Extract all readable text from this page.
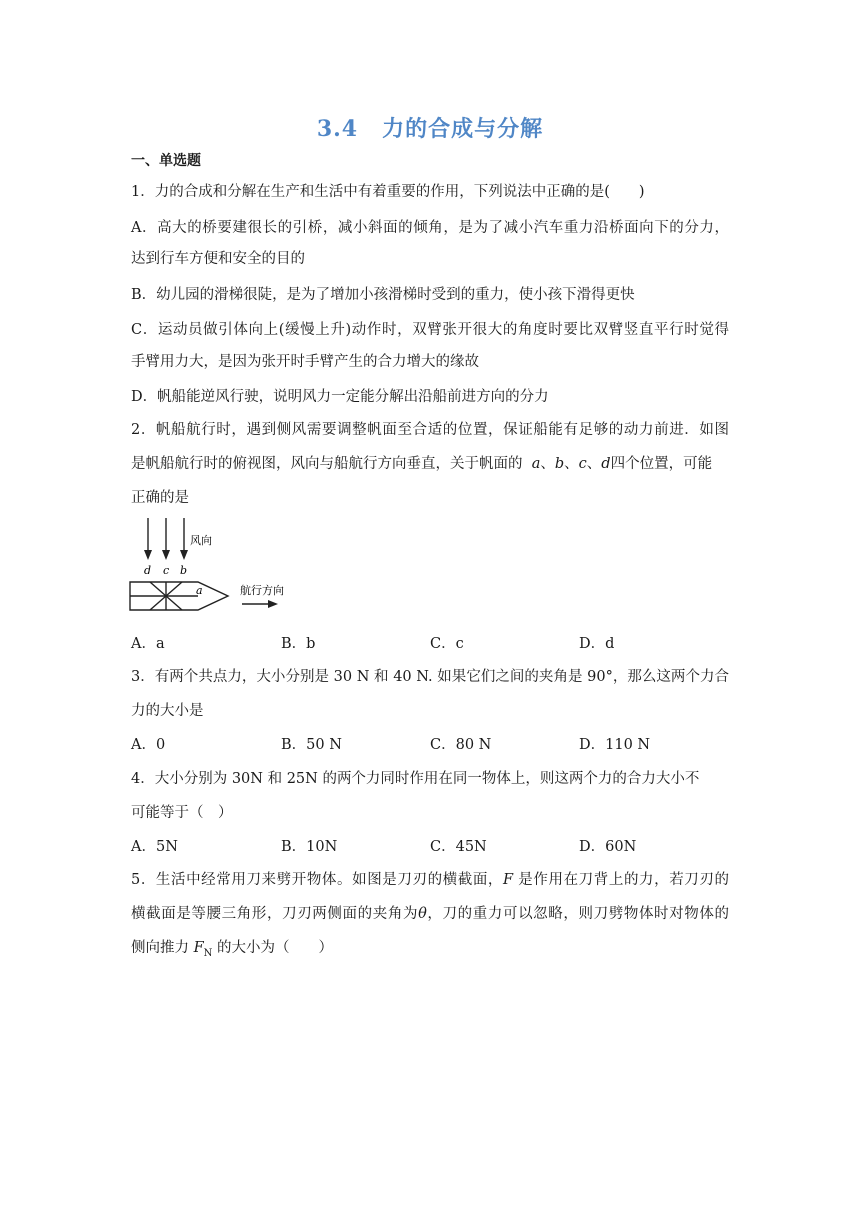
3.4 力的合成与分解
一、单选题
1．力的合成和分解在生产和生活中有着重要的作用，下列说法中正确的是(　　)
A．高大的桥要建很长的引桥，减小斜面的倾角，是为了减小汽车重力沿桥面向下的分力，
达到行车方便和安全的目的
B．幼儿园的滑梯很陡，是为了增加小孩滑梯时受到的重力，使小孩下滑得更快
C．运动员做引体向上(缓慢上升)动作时，双臂张开很大的角度时要比双臂竖直平行时觉得
手臂用力大，是因为张开时手臂产生的合力增大的缘故
D．帆船能逆风行驶，说明风力一定能分解出沿船前进方向的分力
2．帆船航行时，遇到侧风需要调整帆面至合适的位置，保证船能有足够的动力前进．如图
是帆船航行时的俯视图，风向与船航行方向垂直，关于帆面的 a、b、c、d四个位置，可能
正确的是
风向
航行方向
d c b
a
A．a	B．b	C．c	D．d
3．有两个共点力，大小分别是 30 N 和 40 N. 如果它们之间的夹角是 90°，那么这两个力合
力的大小是
A．0	B．50 N	C．80 N	D．110 N
4．大小分别为 30N 和 25N 的两个力同时作用在同一物体上，则这两个力的合力大小不
可能等于（　）
A．5N	B．10N	C．45N	D．60N
5．生活中经常用刀来劈开物体。如图是刀刃的横截面，F 是作用在刀背上的力，若刀刃的
横截面是等腰三角形，刀刃两侧面的夹角为θ，刀的重力可以忽略，则刀劈物体时对物体的
侧向推力 $F_N$ 的大小为（　　）
